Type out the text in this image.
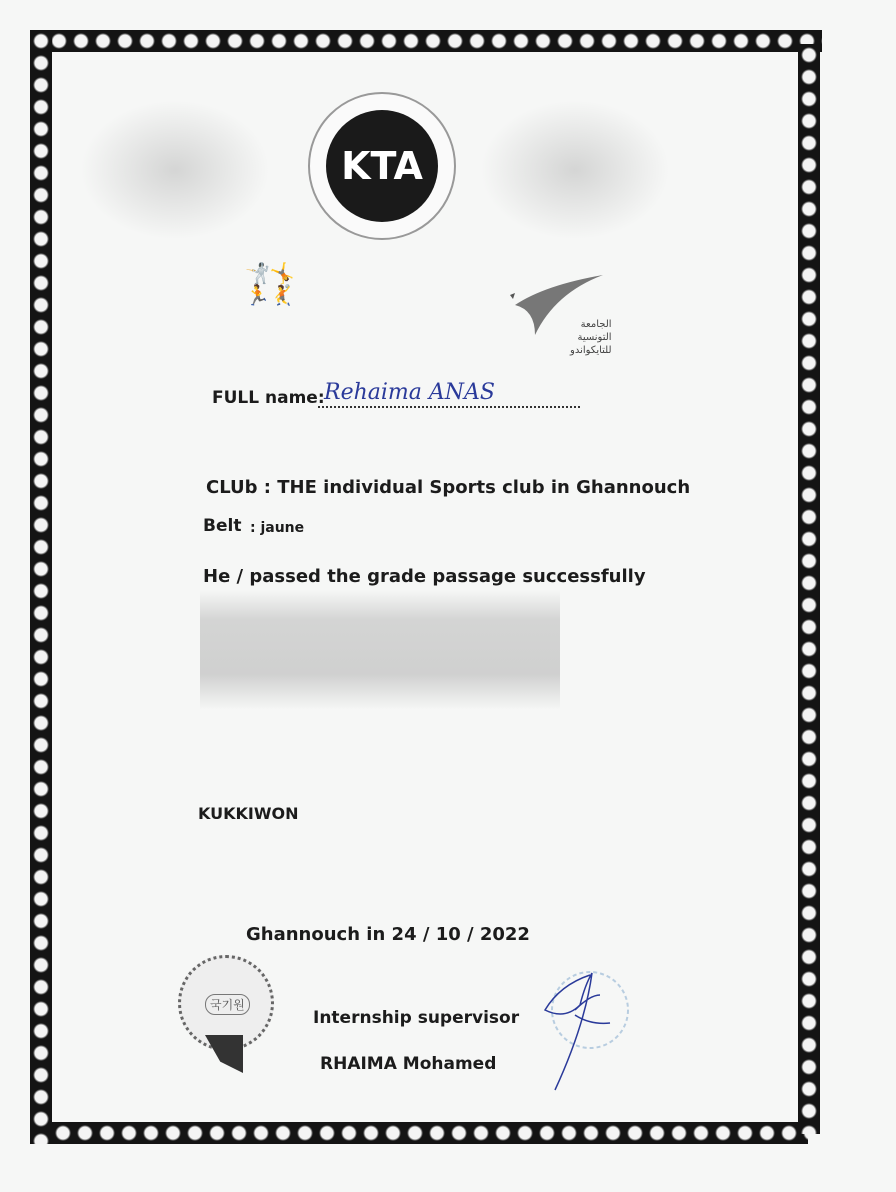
KTA
🤺🤸
🏃🤾
الجامعة
التونسية
للتايكواندو
FULL name: Rehaima ANAS
CLUb : THE individual Sports club in Ghannouch
Belt : jaune
He / passed the grade passage successfully
KUKKIWON
Ghannouch in 24 / 10 / 2022
국기원
Internship supervisor
RHAIMA Mohamed
